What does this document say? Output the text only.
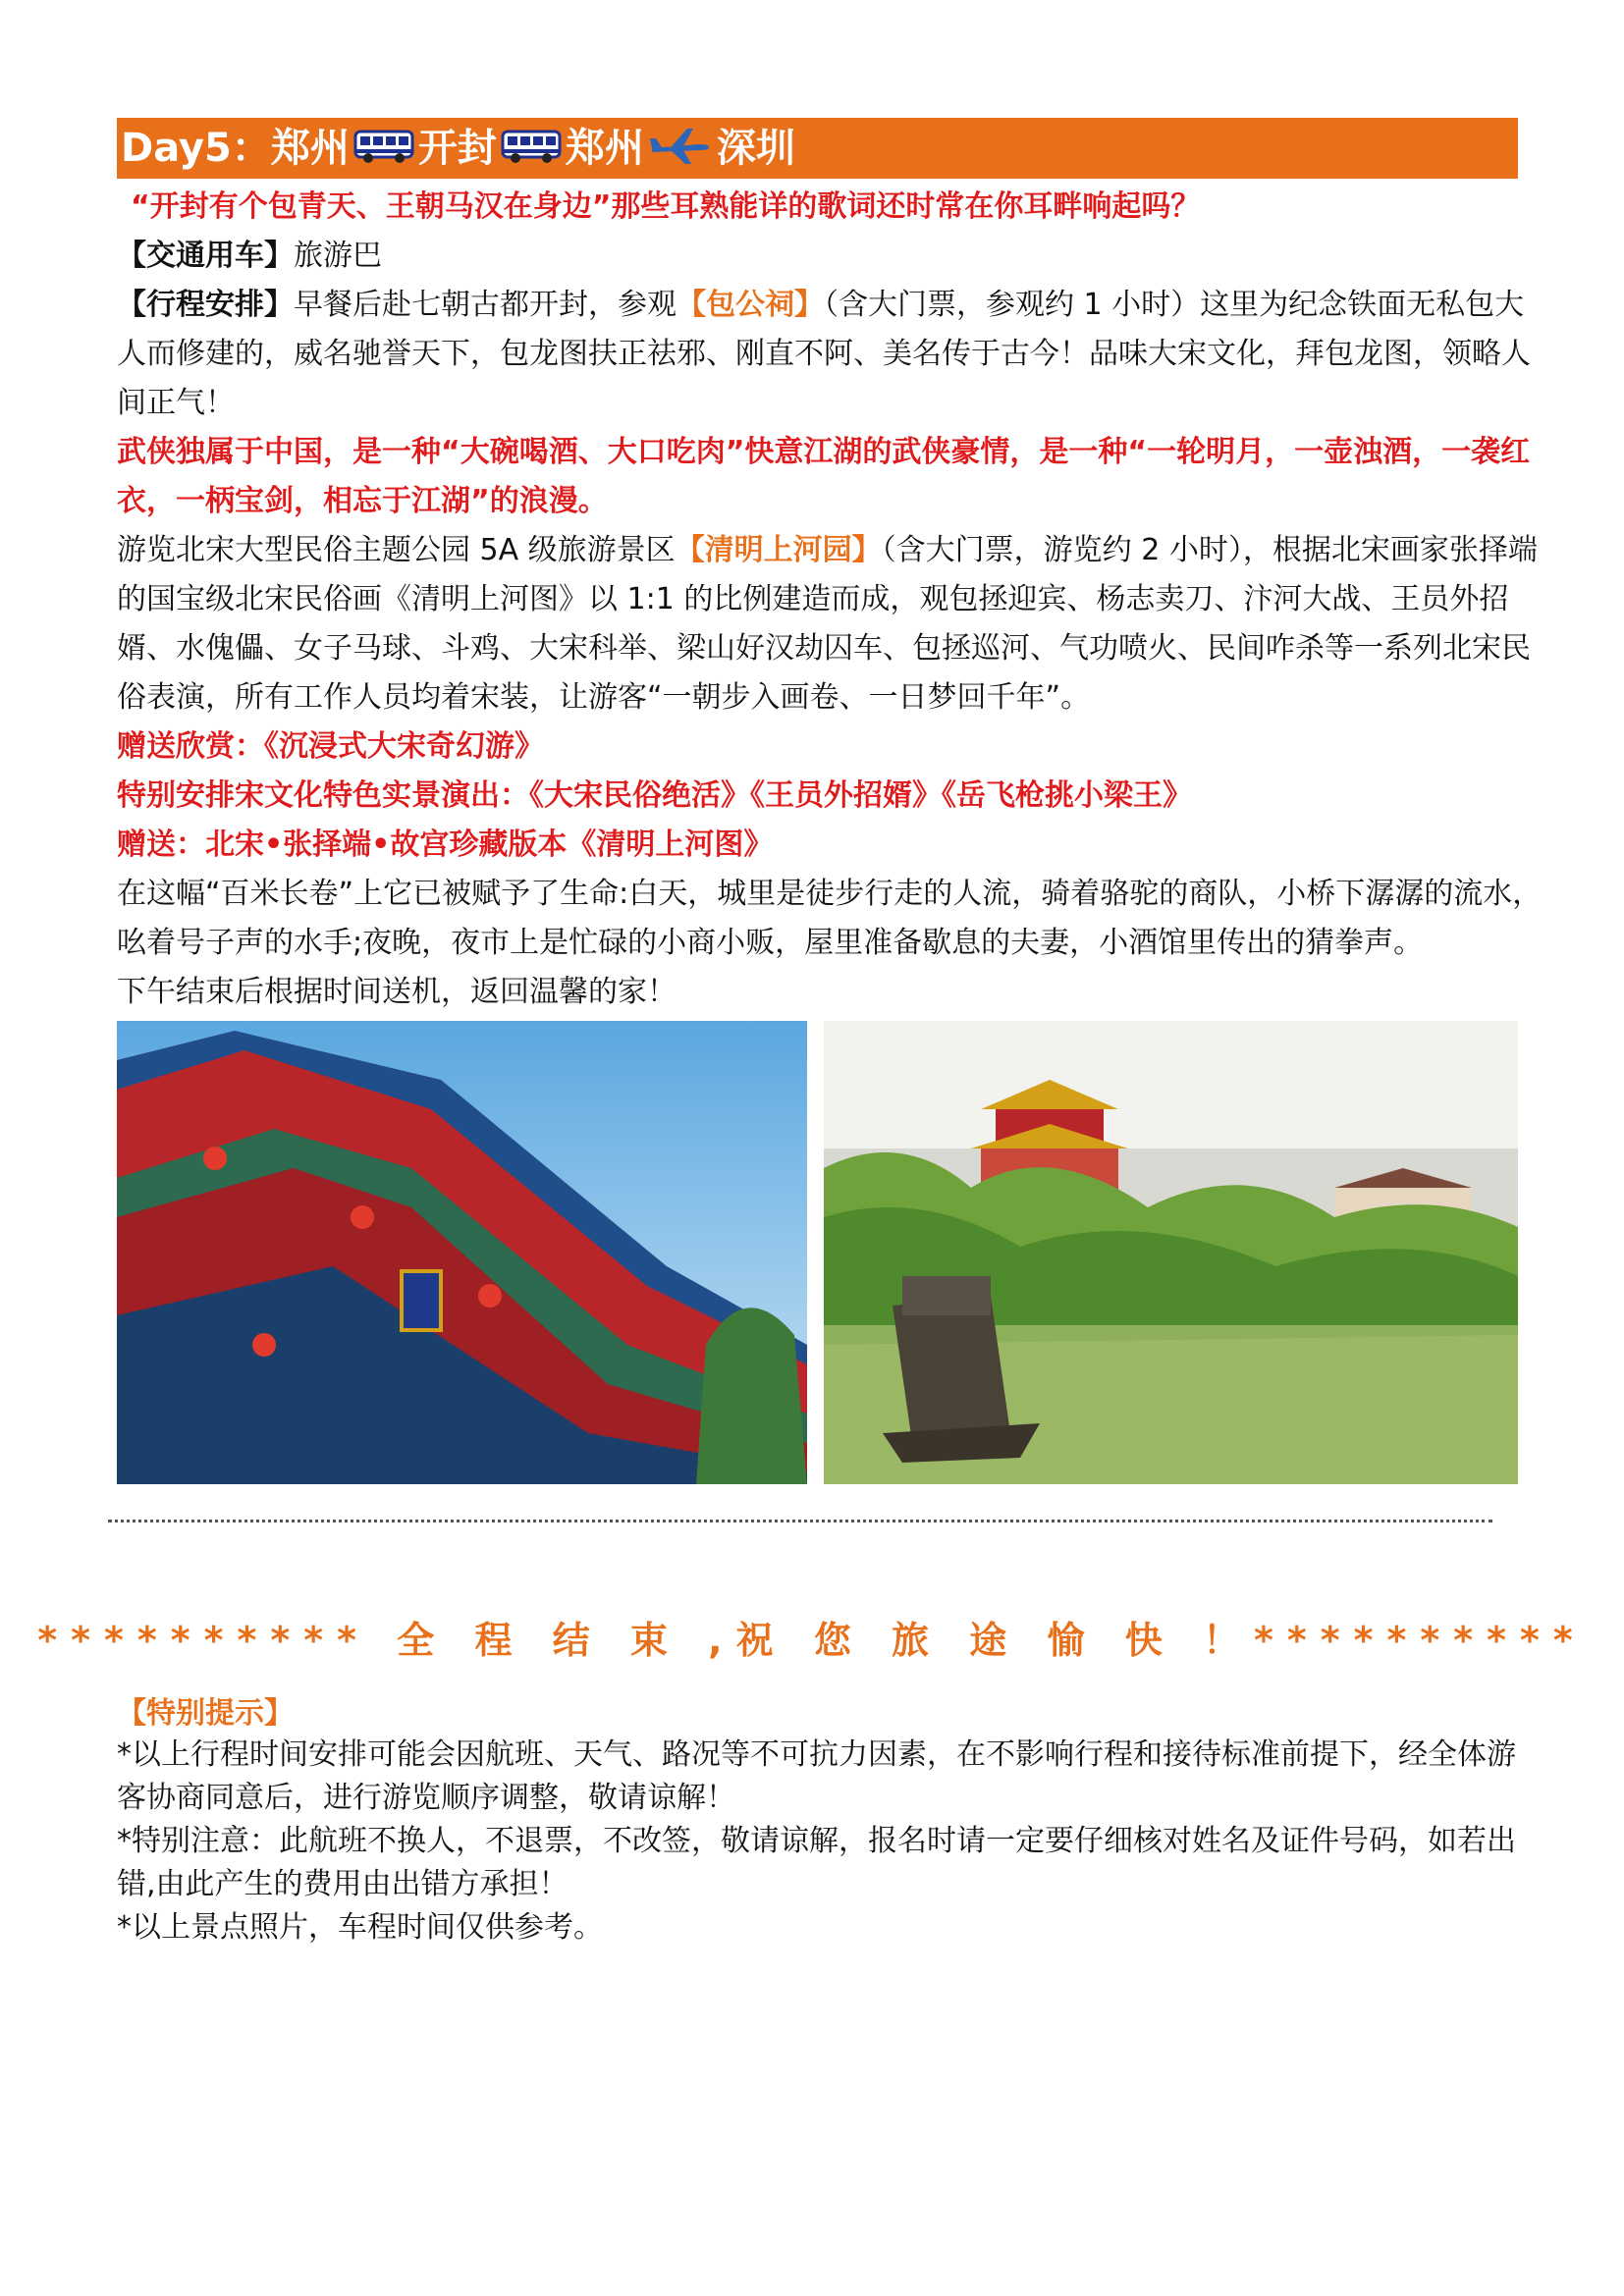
Day5：郑州 开封 郑州 深圳

“开封有个包青天、王朝马汉在身边”那些耳熟能详的歌词还时常在你耳畔响起吗？

【交通用车】旅游巴

【行程安排】早餐后赴七朝古都开封，参观【包公祠】（含大门票，参观约 1 小时）这里为纪念铁面无私包大人而修建的，威名驰誉天下，包龙图扶正祛邪、刚直不阿、美名传于古今！品味大宋文化，拜包龙图，领略人间正气！

武侠独属于中国，是一种“大碗喝酒、大口吃肉”快意江湖的武侠豪情，是一种“一轮明月，一壶浊酒，一袭红衣，一柄宝剑，相忘于江湖”的浪漫。

游览北宋大型民俗主题公园 5A 级旅游景区【清明上河园】（含大门票，游览约 2 小时），根据北宋画家张择端的国宝级北宋民俗画《清明上河图》以 1:1 的比例建造而成，观包拯迎宾、杨志卖刀、汴河大战、王员外招婿、水傀儡、女子马球、斗鸡、大宋科举、梁山好汉劫囚车、包拯巡河、气功喷火、民间咋杀等一系列北宋民俗表演，所有工作人员均着宋装，让游客“一朝步入画卷、一日梦回千年”。

赠送欣赏：《沉浸式大宋奇幻游》

特别安排宋文化特色实景演出：《大宋民俗绝活》《王员外招婿》《岳飞枪挑小梁王》

赠送：北宋•张择端•故宫珍藏版本《清明上河图》

在这幅“百米长卷”上它已被赋予了生命:白天，城里是徒步行走的人流，骑着骆驼的商队，小桥下潺潺的流水，吆着号子声的水手;夜晚，夜市上是忙碌的小商小贩，屋里准备歇息的夫妻，小酒馆里传出的猜拳声。

下午结束后根据时间送机，返回温馨的家！

********** 全 程 结 束 ,祝 您 旅 途 愉 快 ！**********
【特别提示】

*以上行程时间安排可能会因航班、天气、路况等不可抗力因素，在不影响行程和接待标准前提下，经全体游客协商同意后，进行游览顺序调整，敬请谅解！

*特别注意：此航班不换人，不退票，不改签，敬请谅解，报名时请一定要仔细核对姓名及证件号码，如若出错,由此产生的费用由出错方承担！

*以上景点照片，车程时间仅供参考。
